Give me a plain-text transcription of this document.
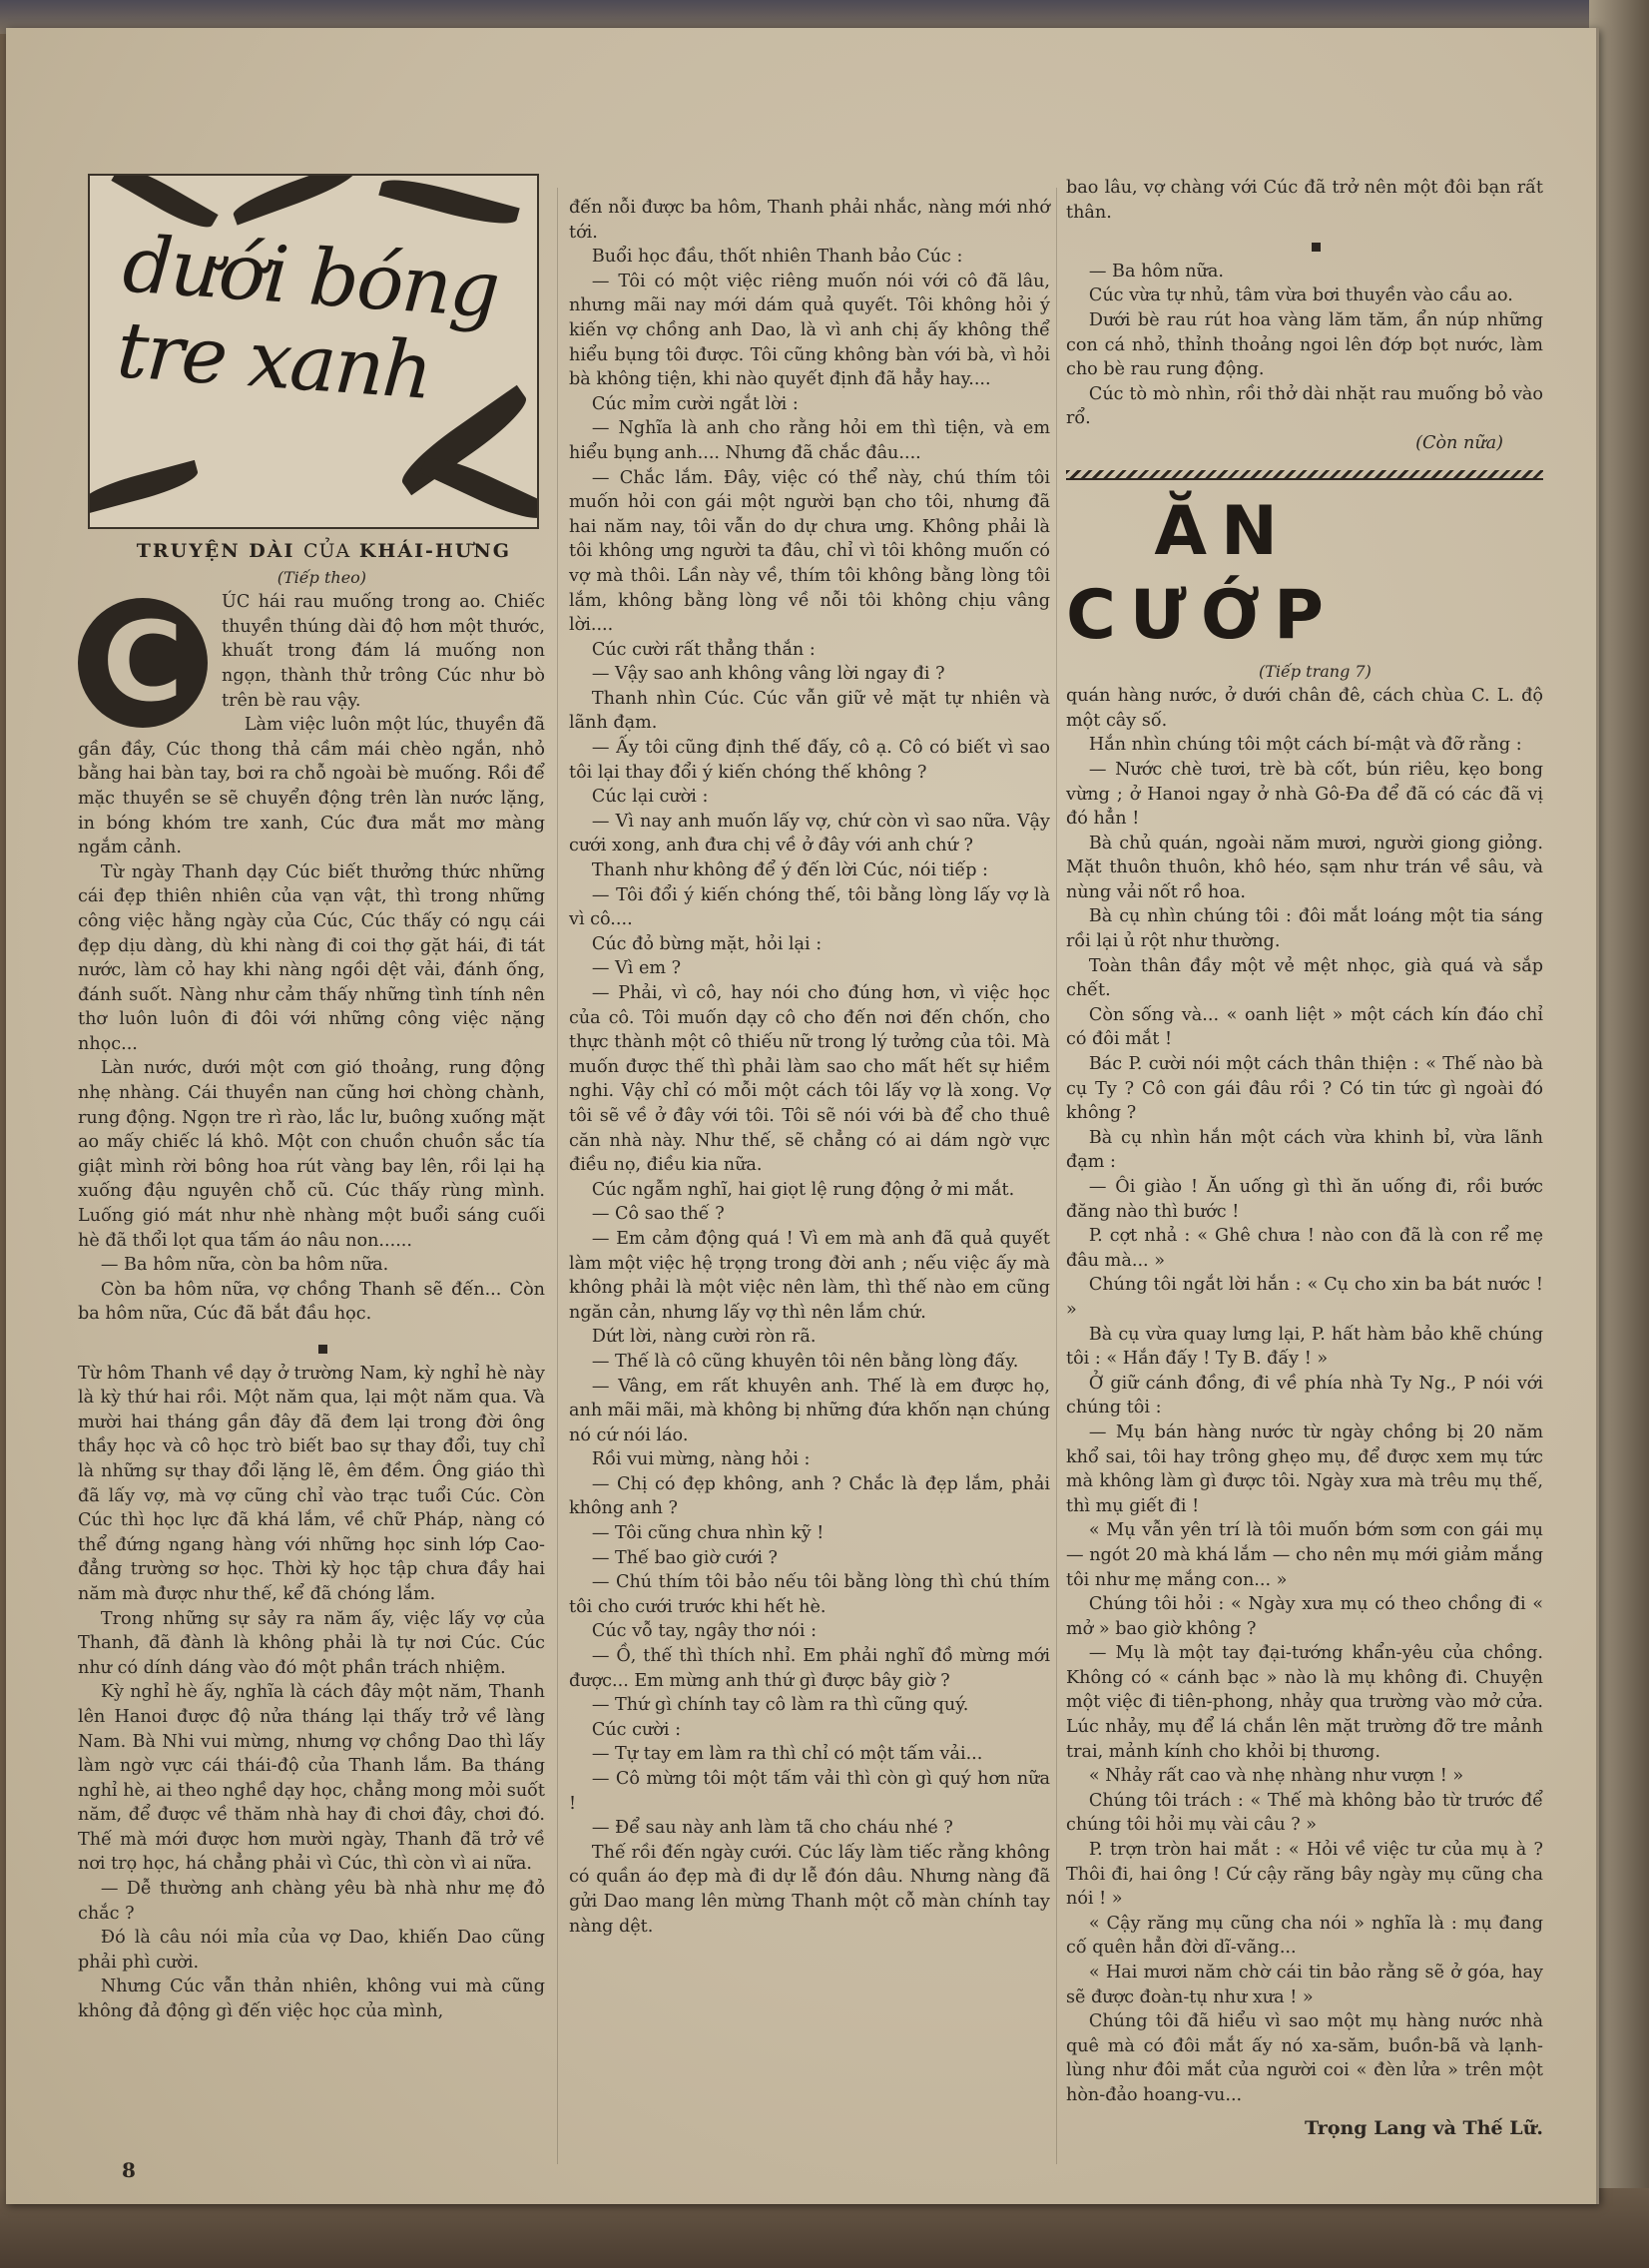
dưới bóng
tre xanh

TRUYỆN DÀI CỦA KHÁI-HƯNG

(Tiếp theo)

C	ÚC hái rau muống trong ao. Chiếc thuyền thúng dài độ hơn một thước, khuất trong đám lá muống non ngọn, thành thử trông Cúc như bò trên bè rau vậy.

Làm việc luôn một lúc, thuyền đã gần đầy, Cúc thong thả cầm mái chèo ngắn, nhỏ bằng hai bàn tay, bơi ra chỗ ngoài bè muống. Rồi để mặc thuyền se sẽ chuyển động trên làn nước lặng, in bóng khóm tre xanh, Cúc đưa mắt mơ màng ngắm cảnh.

Từ ngày Thanh dạy Cúc biết thưởng thức những cái đẹp thiên nhiên của vạn vật, thì trong những công việc hằng ngày của Cúc, Cúc thấy có ngụ cái đẹp dịu dàng, dù khi nàng đi coi thợ gặt hái, đi tát nước, làm cỏ hay khi nàng ngồi dệt vải, đánh ống, đánh suốt. Nàng như cảm thấy những tình tính nên thơ luôn luôn đi đôi với những công việc nặng nhọc...

Làn nước, dưới một cơn gió thoảng, rung động nhẹ nhàng. Cái thuyền nan cũng hơi chòng chành, rung động. Ngọn tre rì rào, lắc lư, buông xuống mặt ao mấy chiếc lá khô. Một con chuồn chuồn sắc tía giật mình rời bông hoa rút vàng bay lên, rồi lại hạ xuống đậu nguyên chỗ cũ. Cúc thấy rùng mình. Luống gió mát như nhè nhàng một buổi sáng cuối hè đã thổi lọt qua tấm áo nâu non......

— Ba hôm nữa, còn ba hôm nữa.

Còn ba hôm nữa, vợ chồng Thanh sẽ đến... Còn ba hôm nữa, Cúc đã bắt đầu học.

Từ hôm Thanh về dạy ở trường Nam, kỳ nghỉ hè này là kỳ thứ hai rồi. Một năm qua, lại một năm qua. Và mười hai tháng gần đây đã đem lại trong đời ông thầy học và cô học trò biết bao sự thay đổi, tuy chỉ là những sự thay đổi lặng lẽ, êm đềm. Ông giáo thì đã lấy vợ, mà vợ cũng chỉ vào trạc tuổi Cúc. Còn Cúc thì học lực đã khá lắm, về chữ Pháp, nàng có thể đứng ngang hàng với những học sinh lớp Cao-đẳng trường sơ học. Thời kỳ học tập chưa đầy hai năm mà được như thế, kể đã chóng lắm.

Trong những sự sảy ra năm ấy, việc lấy vợ của Thanh, đã đành là không phải là tự nơi Cúc. Cúc như có dính dáng vào đó một phần trách nhiệm.

Kỳ nghỉ hè ấy, nghĩa là cách đây một năm, Thanh lên Hanoi được độ nửa tháng lại thấy trở về làng Nam. Bà Nhi vui mừng, nhưng vợ chồng Dao thì lấy làm ngờ vực cái thái-độ của Thanh lắm. Ba tháng nghỉ hè, ai theo nghề dạy học, chẳng mong mỏi suốt năm, để được về thăm nhà hay đi chơi đây, chơi đó. Thế mà mới được hơn mười ngày, Thanh đã trở về nơi trọ học, há chẳng phải vì Cúc, thì còn vì ai nữa.

— Dễ thường anh chàng yêu bà nhà như mẹ đỏ chắc ?

Đó là câu nói mỉa của vợ Dao, khiến Dao cũng phải phì cười.

Nhưng Cúc vẫn thản nhiên, không vui mà cũng không đả động gì đến việc học của mình,

đến nỗi được ba hôm, Thanh phải nhắc, nàng mới nhớ tới.

Buổi học đầu, thốt nhiên Thanh bảo Cúc :

— Tôi có một việc riêng muốn nói với cô đã lâu, nhưng mãi nay mới dám quả quyết. Tôi không hỏi ý kiến vợ chồng anh Dao, là vì anh chị ấy không thể hiểu bụng tôi được. Tôi cũng không bàn với bà, vì hỏi bà không tiện, khi nào quyết định đã hẳy hay....

Cúc mỉm cười ngắt lời :

— Nghĩa là anh cho rằng hỏi em thì tiện, và em hiểu bụng anh.... Nhưng đã chắc đâu....

— Chắc lắm. Đây, việc có thể này, chú thím tôi muốn hỏi con gái một người bạn cho tôi, nhưng đã hai năm nay, tôi vẫn do dự chưa ưng. Không phải là tôi không ưng người ta đâu, chỉ vì tôi không muốn có vợ mà thôi. Lần này về, thím tôi không bằng lòng tôi lắm, không bằng lòng về nỗi tôi không chịu vâng lời....

Cúc cười rất thẳng thắn :

— Vậy sao anh không vâng lời ngay đi ?

Thanh nhìn Cúc. Cúc vẫn giữ vẻ mặt tự nhiên và lãnh đạm.

— Ấy tôi cũng định thế đấy, cô ạ. Cô có biết vì sao tôi lại thay đổi ý kiến chóng thế không ?

Cúc lại cười :

— Vì nay anh muốn lấy vợ, chứ còn vì sao nữa. Vậy cưới xong, anh đưa chị về ở đây với anh chứ ?

Thanh như không để ý đến lời Cúc, nói tiếp :

— Tôi đổi ý kiến chóng thế, tôi bằng lòng lấy vợ là vì cô....

Cúc đỏ bừng mặt, hỏi lại :

— Vì em ?

— Phải, vì cô, hay nói cho đúng hơn, vì việc học của cô. Tôi muốn dạy cô cho đến nơi đến chốn, cho thực thành một cô thiếu nữ trong lý tưởng của tôi. Mà muốn được thế thì phải làm sao cho mất hết sự hiềm nghi. Vậy chỉ có mỗi một cách tôi lấy vợ là xong. Vợ tôi sẽ về ở đây với tôi. Tôi sẽ nói với bà để cho thuê căn nhà này. Như thế, sẽ chẳng có ai dám ngờ vực điều nọ, điều kia nữa.

Cúc ngẫm nghĩ, hai giọt lệ rung động ở mi mắt.

— Cô sao thế ?

— Em cảm động quá ! Vì em mà anh đã quả quyết làm một việc hệ trọng trong đời anh ; nếu việc ấy mà không phải là một việc nên làm, thì thế nào em cũng ngăn cản, nhưng lấy vợ thì nên lắm chứ.

Dứt lời, nàng cười ròn rã.

— Thế là cô cũng khuyên tôi nên bằng lòng đấy.

— Vâng, em rất khuyên anh. Thế là em được họ, anh mãi mãi, mà không bị những đứa khốn nạn chúng nó cứ nói láo.

Rồi vui mừng, nàng hỏi :

— Chị có đẹp không, anh ? Chắc là đẹp lắm, phải không anh ?

— Tôi cũng chưa nhìn kỹ !

— Thế bao giờ cưới ?

— Chú thím tôi bảo nếu tôi bằng lòng thì chú thím tôi cho cưới trước khi hết hè.

Cúc vỗ tay, ngây thơ nói :

— Ồ, thế thì thích nhỉ. Em phải nghĩ đồ mừng mới được... Em mừng anh thứ gì được bây giờ ?

— Thứ gì chính tay cô làm ra thì cũng quý.

Cúc cười :

— Tự tay em làm ra thì chỉ có một tấm vải...

— Cô mừng tôi một tấm vải thì còn gì quý hơn nữa !

— Để sau này anh làm tã cho cháu nhé ?

Thế rồi đến ngày cưới. Cúc lấy làm tiếc rằng không có quần áo đẹp mà đi dự lễ đón dâu. Nhưng nàng đã gửi Dao mang lên mừng Thanh một cỗ màn chính tay nàng dệt.

bao lâu, vợ chàng với Cúc đã trở nên một đôi bạn rất thân.

— Ba hôm nữa.

Cúc vừa tự nhủ, tâm vừa bơi thuyền vào cầu ao.

Dưới bè rau rút hoa vàng lăm tăm, ẩn núp những con cá nhỏ, thỉnh thoảng ngoi lên đớp bọt nước, làm cho bè rau rung động.

Cúc tò mò nhìn, rồi thở dài nhặt rau muống bỏ vào rổ.

(Còn nữa)

ĂN CƯỚP

(Tiếp trang 7)

quán hàng nước, ở dưới chân đê, cách chùa C. L. độ một cây số.

Hắn nhìn chúng tôi một cách bí-mật và đỡ rằng :

— Nước chè tươi, trè bà cốt, bún riêu, kẹo bong vừng ; ở Hanoi ngay ở nhà Gô-Đa để đã có các đã vị đó hẳn !

Bà chủ quán, ngoài năm mươi, người giong giỏng. Mặt thuôn thuôn, khô héo, sạm như trán về sâu, và nùng vải nốt rồ hoa.

Bà cụ nhìn chúng tôi : đôi mắt loáng một tia sáng rồi lại ủ rột như thường.

Toàn thân đầy một vẻ mệt nhọc, già quá và sắp chết.

Còn sống và... « oanh liệt » một cách kín đáo chỉ có đôi mắt !

Bác P. cười nói một cách thân thiện : « Thế nào bà cụ Ty ? Cô con gái đâu rồi ? Có tin tức gì ngoài đó không ?

Bà cụ nhìn hắn một cách vừa khinh bỉ, vừa lãnh đạm :

— Ôi giào ! Ăn uống gì thì ăn uống đi, rồi bước đăng nào thì bước !

P. cợt nhả : « Ghê chưa ! nào con đã là con rể mẹ đâu mà... »

Chúng tôi ngắt lời hắn : « Cụ cho xin ba bát nước ! »

Bà cụ vừa quay lưng lại, P. hất hàm bảo khẽ chúng tôi : « Hắn đấy ! Ty B. đấy ! »

Ở giữ cánh đồng, đi về phía nhà Ty Ng., P nói với chúng tôi :

— Mụ bán hàng nước từ ngày chồng bị 20 năm khổ sai, tôi hay trông ghẹo mụ, để được xem mụ tức mà không làm gì được tôi. Ngày xưa mà trêu mụ thế, thì mụ giết đi !

« Mụ vẫn yên trí là tôi muốn bớm sơm con gái mụ — ngót 20 mà khá lắm — cho nên mụ mới giảm mắng tôi như mẹ mắng con... »

Chúng tôi hỏi : « Ngày xưa mụ có theo chồng đi « mở » bao giờ không ?

— Mụ là một tay đại-tướng khẩn-yêu của chồng. Không có « cánh bạc » nào là mụ không đi. Chuyện một việc đi tiên-phong, nhảy qua trường vào mở cửa. Lúc nhảy, mụ để lá chắn lên mặt trường đỡ tre mảnh trai, mảnh kính cho khỏi bị thương.

« Nhảy rất cao và nhẹ nhàng như vượn ! »

Chúng tôi trách : « Thế mà không bảo từ trước để chúng tôi hỏi mụ vài câu ? »

P. trợn tròn hai mắt : « Hỏi về việc tư của mụ à ? Thôi đi, hai ông ! Cứ cậy răng bây ngày mụ cũng cha nói ! »

« Cậy răng mụ cũng cha nói » nghĩa là : mụ đang cố quên hẳn đời dĩ-vãng...

« Hai mươi năm chờ cái tin bảo rằng sẽ ở góa, hay sẽ được đoàn-tụ như xưa ! »

Chúng tôi đã hiểu vì sao một mụ hàng nước nhà quê mà có đôi mắt ấy nó xa-săm, buồn-bã và lạnh-lùng như đôi mắt của người coi « đèn lửa » trên một hòn-đảo hoang-vu...

Trọng Lang và Thế Lữ.

8
